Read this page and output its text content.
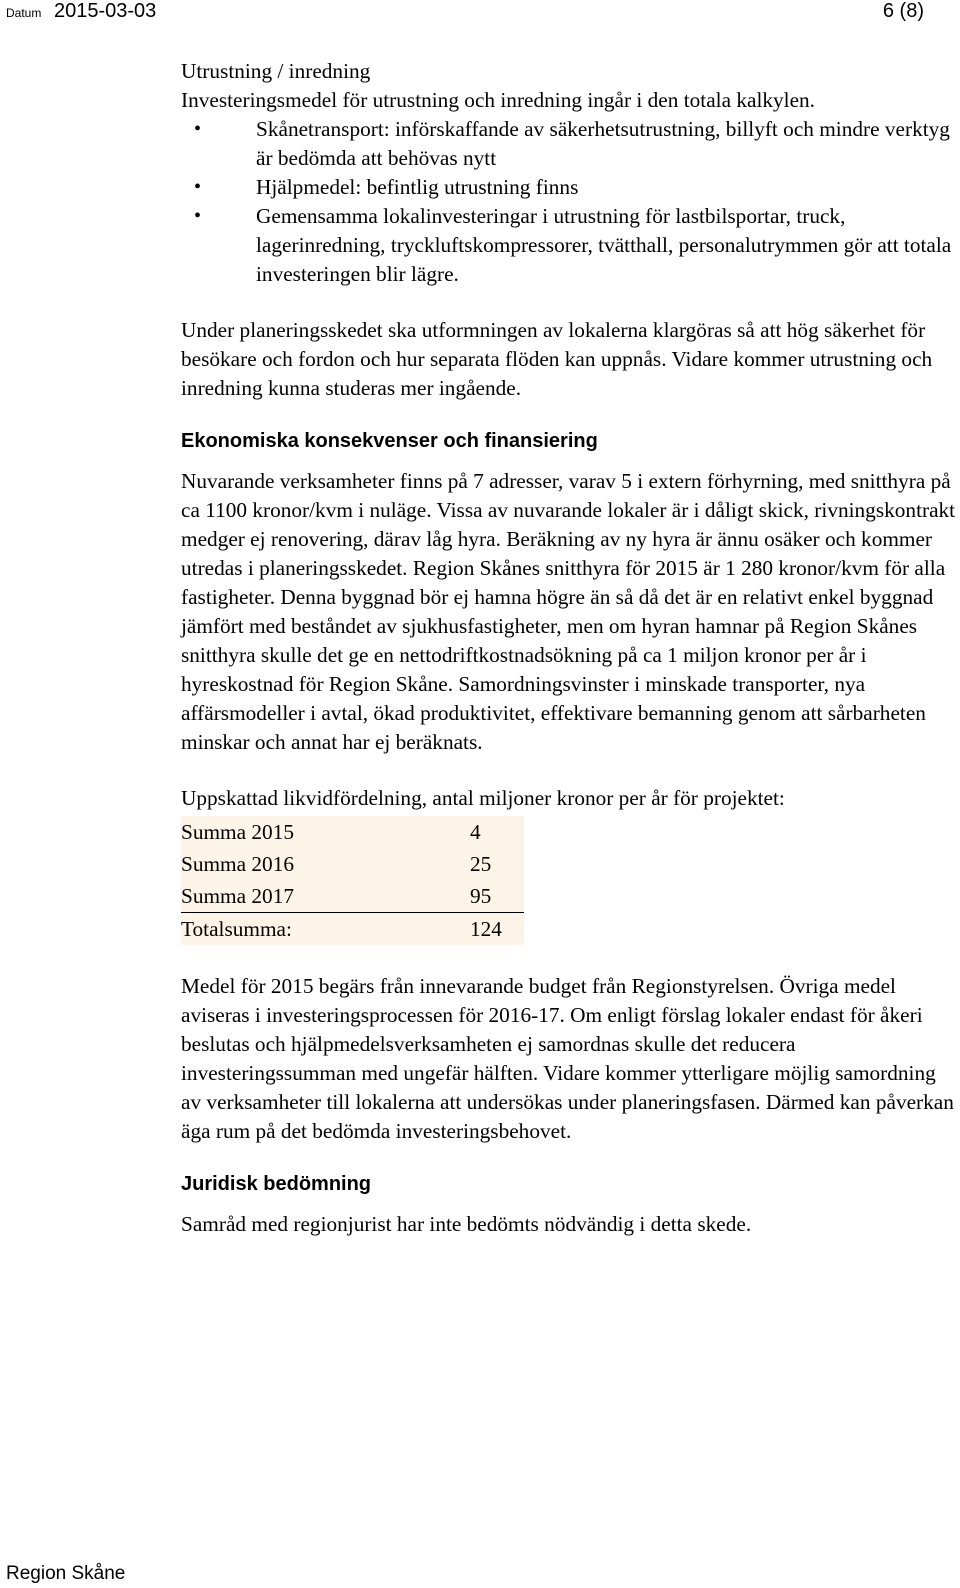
Datum 2015-03-03	6 (8)

Utrustning / inredning

Investeringsmedel för utrustning och inredning ingår i den totala kalkylen.

•	Skånetransport: införskaffande av säkerhetsutrustning, billyft och mindre verktyg är bedömda att behövas nytt
•	Hjälpmedel: befintlig utrustning finns
•	Gemensamma lokalinvesteringar i utrustning för lastbilsportar, truck, lagerinredning, tryckluftskompressorer, tvätthall, personalutrymmen gör att totala investeringen blir lägre.

Under planeringsskedet ska utformningen av lokalerna klargöras så att hög säkerhet för besökare och fordon och hur separata flöden kan uppnås. Vidare kommer utrustning och inredning kunna studeras mer ingående.

Ekonomiska konsekvenser och finansiering

Nuvarande verksamheter finns på 7 adresser, varav 5 i extern förhyrning, med snitthyra på ca 1100 kronor/kvm i nuläge. Vissa av nuvarande lokaler är i dåligt skick, rivningskontrakt medger ej renovering, därav låg hyra. Beräkning av ny hyra är ännu osäker och kommer utredas i planeringsskedet. Region Skånes snitthyra för 2015 är 1 280 kronor/kvm för alla fastigheter. Denna byggnad bör ej hamna högre än så då det är en relativt enkel byggnad jämfört med beståndet av sjukhusfastigheter, men om hyran hamnar på Region Skånes snitthyra skulle det ge en nettodriftkostnadsökning på ca 1 miljon kronor per år i hyreskostnad för Region Skåne. Samordningsvinster i minskade transporter, nya affärsmodeller i avtal, ökad produktivitet, effektivare bemanning genom att sårbarheten minskar och annat har ej beräknats.

Uppskattad likvidfördelning, antal miljoner kronor per år för projektet:

Summa 2015	4
Summa 2016	25
Summa 2017	95
Totalsumma:	124

Medel för 2015 begärs från innevarande budget från Regionstyrelsen. Övriga medel aviseras i investeringsprocessen för 2016-17. Om enligt förslag lokaler endast för åkeri beslutas och hjälpmedelsverksamheten ej samordnas skulle det reducera investeringssumman med ungefär hälften. Vidare kommer ytterligare möjlig samordning av verksamheter till lokalerna att undersökas under planeringsfasen. Därmed kan påverkan äga rum på det bedömda investeringsbehovet.

Juridisk bedömning

Samråd med regionjurist har inte bedömts nödvändig i detta skede.

Region Skåne
